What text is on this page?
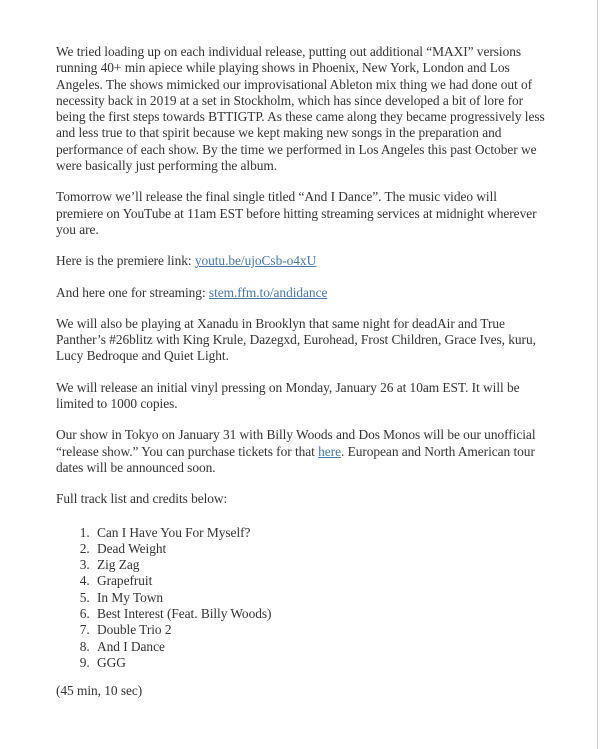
We tried loading up on each individual release, putting out additional “MAXI” versions running 40+ min apiece while playing shows in Phoenix, New York, London and Los Angeles. The shows mimicked our improvisational Ableton mix thing we had done out of necessity back in 2019 at a set in Stockholm, which has since developed a bit of lore for being the first steps towards BTTIGTP. As these came along they became progressively less and less true to that spirit because we kept making new songs in the preparation and performance of each show. By the time we performed in Los Angeles this past October we were basically just performing the album.

Tomorrow we’ll release the final single titled “And I Dance”. The music video will premiere on YouTube at 11am EST before hitting streaming services at midnight wherever you are.

Here is the premiere link: youtu.be/ujoCsb-o4xU

And here one for streaming: stem.ffm.to/andidance

We will also be playing at Xanadu in Brooklyn that same night for deadAir and True Panther’s #26blitz with King Krule, Dazegxd, Eurohead, Frost Children, Grace Ives, kuru, Lucy Bedroque and Quiet Light.

We will release an initial vinyl pressing on Monday, January 26 at 10am EST. It will be limited to 1000 copies.

Our show in Tokyo on January 31 with Billy Woods and Dos Monos will be our unofficial “release show.” You can purchase tickets for that here. European and North American tour dates will be announced soon.

Full track list and credits below:

1. Can I Have You For Myself?
2. Dead Weight
3. Zig Zag
4. Grapefruit
5. In My Town
6. Best Interest (Feat. Billy Woods)
7. Double Trio 2
8. And I Dance
9. GGG

(45 min, 10 sec)
